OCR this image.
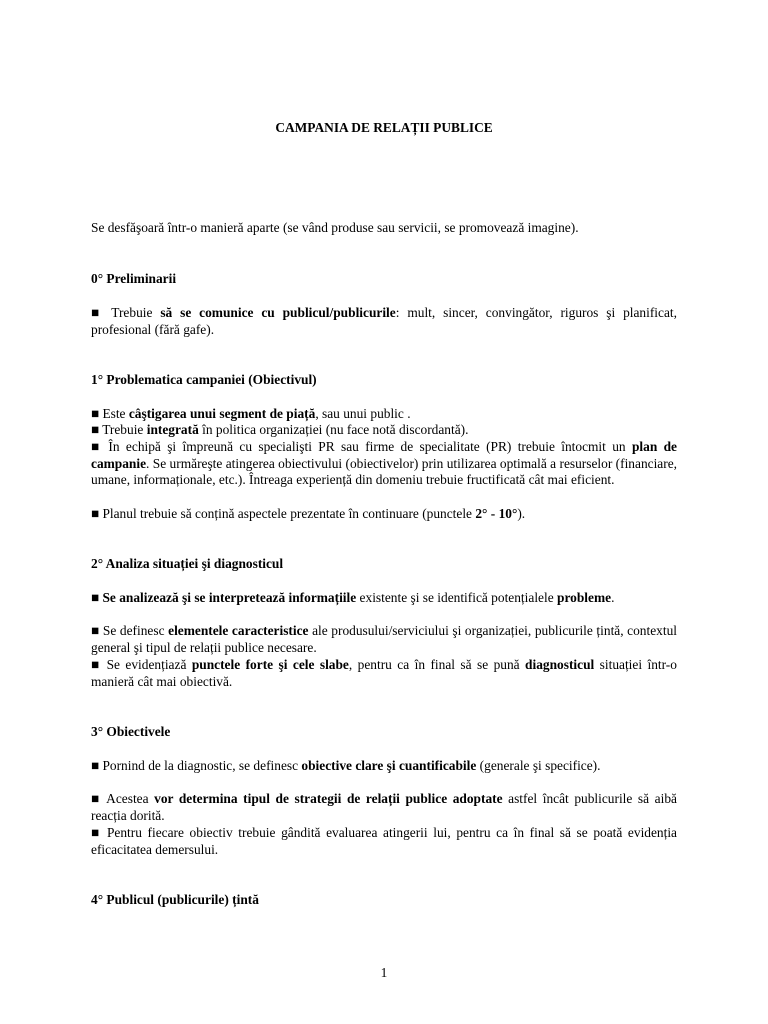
CAMPANIA DE RELAȚII PUBLICE

Se desfăşoară într-o manieră aparte (se vând produse sau servicii, se promovează imagine).

0° Preliminarii

■ Trebuie să se comunice cu publicul/publicurile: mult, sincer, convingător, riguros şi planificat, profesional (fără gafe).

1° Problematica campaniei (Obiectivul)

■ Este câştigarea unui segment de piață, sau unui public .

■ Trebuie integrată în politica organizației (nu face notă discordantă).

■ În echipă şi împreună cu specialişti PR sau firme de specialitate (PR) trebuie întocmit un plan de campanie. Se urmăreşte atingerea obiectivului (obiectivelor) prin utilizarea optimală a resurselor (financiare, umane, informaționale, etc.). Întreaga experiență din domeniu trebuie fructificată cât mai eficient.

■ Planul trebuie să conțină aspectele prezentate în continuare (punctele 2° - 10°).

2° Analiza situației şi diagnosticul

■ Se analizează şi se interpretează informațiile existente şi se identifică potențialele probleme.

■ Se definesc elementele caracteristice ale produsului/serviciului şi organizației, publicurile țintă, contextul general şi tipul de relații publice necesare.

■ Se evidențiază punctele forte şi cele slabe, pentru ca în final să se pună diagnosticul situației într-o manieră cât mai obiectivă.

3° Obiectivele

■ Pornind de la diagnostic, se definesc obiective clare şi cuantificabile (generale şi specifice).

■ Acestea vor determina tipul de strategii de relații publice adoptate astfel încât publicurile să aibă reacția dorită.

■ Pentru fiecare obiectiv trebuie gândită evaluarea atingerii lui, pentru ca în final să se poată evidenția eficacitatea demersului.

4° Publicul (publicurile) țintă

1
